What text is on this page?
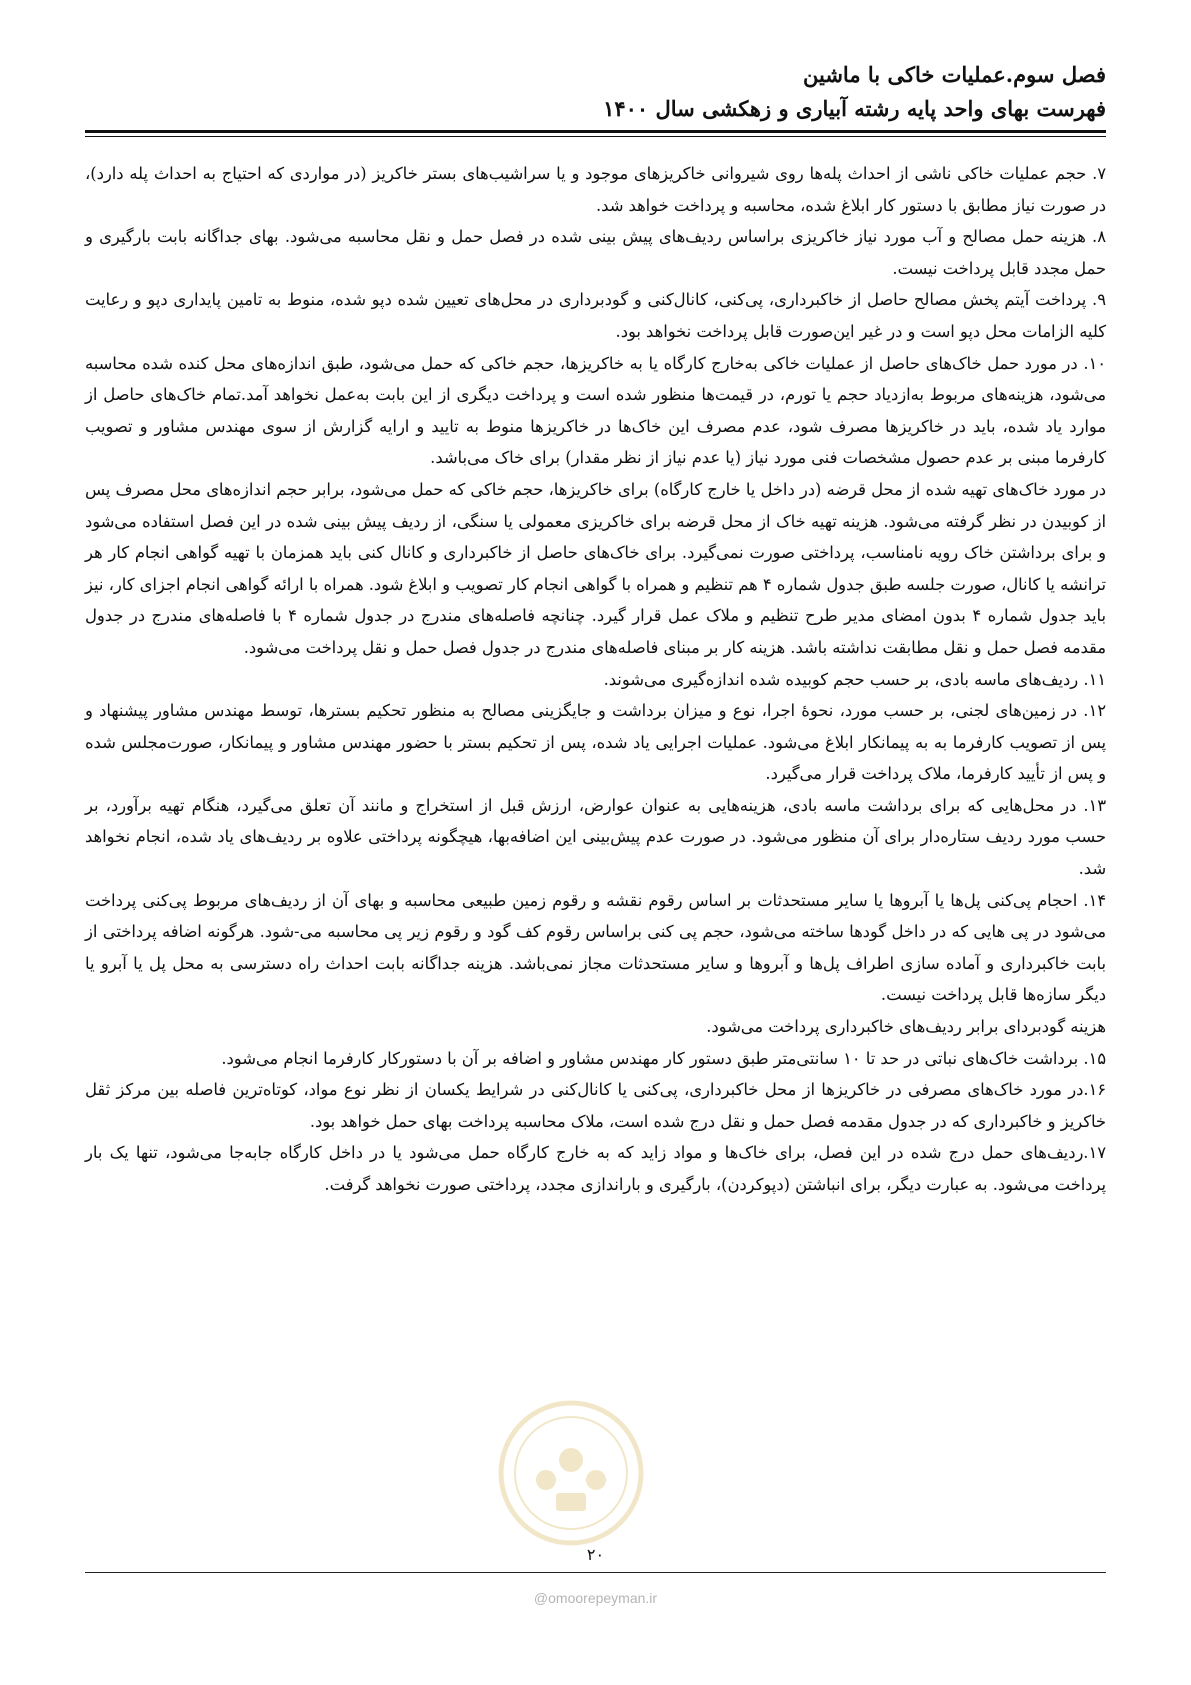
فصل سوم.عملیات خاکی با ماشین
فهرست بهای واحد پایه رشته آبیاری و زهکشی سال ۱۴۰۰

۷. حجم عملیات خاکی ناشی از احداث پله‌ها روی شیروانی خاکریزهای موجود و یا سراشیب‌های بستر خاکریز (در مواردی که احتیاج به احداث پله دارد)، در صورت نیاز مطابق با دستور کار ابلاغ شده، محاسبه و پرداخت خواهد شد.

۸. هزینه حمل مصالح و آب مورد نیاز خاکریزی براساس ردیف‌های پیش بینی شده در فصل حمل و نقل محاسبه می‌شود. بهای جداگانه بابت بارگیری و حمل مجدد قابل پرداخت نیست.

۹. پرداخت آیتم پخش مصالح حاصل از خاکبرداری، پی‌کنی، کانال‌کنی و گودبرداری در محل‌های تعیین شده دپو شده، منوط به تامین پایداری دپو و رعایت کلیه الزامات محل دپو است و در غیر این‌صورت قابل پرداخت نخواهد بود.

۱۰. در مورد حمل خاک‌های حاصل از عملیات خاکی به‌خارج کارگاه یا به خاکریزها، حجم خاکی که حمل می‌شود، طبق اندازه‌های محل کنده شده محاسبه می‌شود، هزینه‌های مربوط به‌ازدیاد حجم یا تورم، در قیمت‌ها منظور شده است و پرداخت دیگری از این بابت به‌عمل نخواهد آمد.تمام خاک‌های حاصل از موارد یاد شده، باید در خاکریزها مصرف شود، عدم مصرف این خاک‌ها در خاکریزها منوط به تایید و ارایه گزارش از سوی مهندس مشاور و تصویب کارفرما مبنی بر عدم حصول مشخصات فنی مورد نیاز (یا عدم نیاز از نظر مقدار) برای خاک می‌باشد.

در مورد خاک‌های تهیه شده از محل قرضه (در داخل یا خارج کارگاه) برای خاکریزها، حجم خاکی که حمل می‌شود، برابر حجم اندازه‌های محل مصرف پس از کوبیدن در نظر گرفته می‌شود. هزینه تهیه خاک از محل قرضه برای خاکریزی معمولی یا سنگی، از ردیف پیش بینی شده در این فصل استفاده می‌شود و برای برداشتن خاک رویه نامناسب، پرداختی صورت نمی‌گیرد. برای خاک‌های حاصل از خاکبرداری و کانال کنی باید همزمان با تهیه گواهی انجام کار هر ترانشه یا کانال، صورت جلسه طبق جدول شماره ۴ هم تنظیم و همراه با گواهی انجام کار تصویب و ابلاغ شود. همراه با ارائه گواهی انجام اجزای کار، نیز باید جدول شماره ۴ بدون امضای مدیر طرح تنظیم و ملاک عمل قرار گیرد. چنانچه فاصله‌های مندرج در جدول شماره ۴ با فاصله‌های مندرج در جدول مقدمه فصل حمل و نقل مطابقت نداشته باشد. هزینه کار بر مبنای فاصله‌های مندرج در جدول فصل حمل و نقل پرداخت می‌شود.

۱۱. ردیف‌های ماسه بادی، بر حسب حجم کوبیده شده اندازه‌گیری می‌شوند.

۱۲. در زمین‌های لجنی، بر حسب مورد، نحوهٔ اجرا، نوع و میزان برداشت و جایگزینی مصالح به منظور تحکیم بسترها، توسط مهندس مشاور پیشنهاد و پس از تصویب کارفرما به به پیمانکار ابلاغ می‌شود. عملیات اجرایی یاد شده، پس از تحکیم بستر با حضور مهندس مشاور و پیمانکار، صورت‌مجلس شده و پس از تأیید کارفرما، ملاک پرداخت قرار می‌گیرد.

۱۳. در محل‌هایی که برای برداشت ماسه بادی، هزینه‌هایی به عنوان عوارض، ارزش قبل از استخراج و مانند آن تعلق می‌گیرد، هنگام تهیه برآورد، بر حسب مورد ردیف ستاره‌دار برای آن منظور می‌شود. در صورت عدم پیش‌بینی این اضافه‌بها، هیچگونه پرداختی علاوه بر ردیف‌های یاد شده، انجام نخواهد شد.

۱۴. احجام پی‌کنی پل‌ها یا آبروها یا سایر مستحدثات بر اساس رقوم نقشه و رقوم زمین طبیعی محاسبه و بهای آن از ردیف‌های مربوط پی‌کنی پرداخت می‌شود در پی هایی که در داخل گودها ساخته می‌شود، حجم پی کنی براساس رقوم کف گود و رقوم زیر پی محاسبه می-شود. هرگونه اضافه پرداختی از بابت خاکبرداری و آماده سازی اطراف پل‌ها و آبروها و سایر مستحدثات مجاز نمی‌باشد. هزینه جداگانه بابت احداث راه دسترسی به محل پل یا آبرو یا دیگر سازه‌ها قابل پرداخت نیست.

هزینه گودبردای برابر ردیف‌های خاکبرداری پرداخت می‌شود.

۱۵. برداشت خاک‌های نباتی در حد تا ۱۰ سانتی‌متر طبق دستور کار مهندس مشاور و اضافه بر آن با دستورکار کارفرما انجام می‌شود.

۱۶.در مورد خاک‌های مصرفی در خاکریزها از محل خاکبرداری، پی‌کنی یا کانال‌کنی در شرایط یکسان از نظر نوع مواد، کوتاه‌ترین فاصله بین مرکز ثقل خاکریز و خاکبرداری که در جدول مقدمه فصل حمل و نقل درج شده است، ملاک محاسبه پرداخت بهای حمل خواهد بود.

۱۷.ردیف‌های حمل درج شده در این فصل، برای خاک‌ها و مواد زاید که به خارج کارگاه حمل می‌شود یا در داخل کارگاه جابه‌جا می‌شود، تنها یک بار پرداخت می‌شود. به عبارت دیگر، برای انباشتن (دپوکردن)، بارگیری و باراندازی مجدد، پرداختی صورت نخواهد گرفت.

۲۰
@omoorepeyman.ir
